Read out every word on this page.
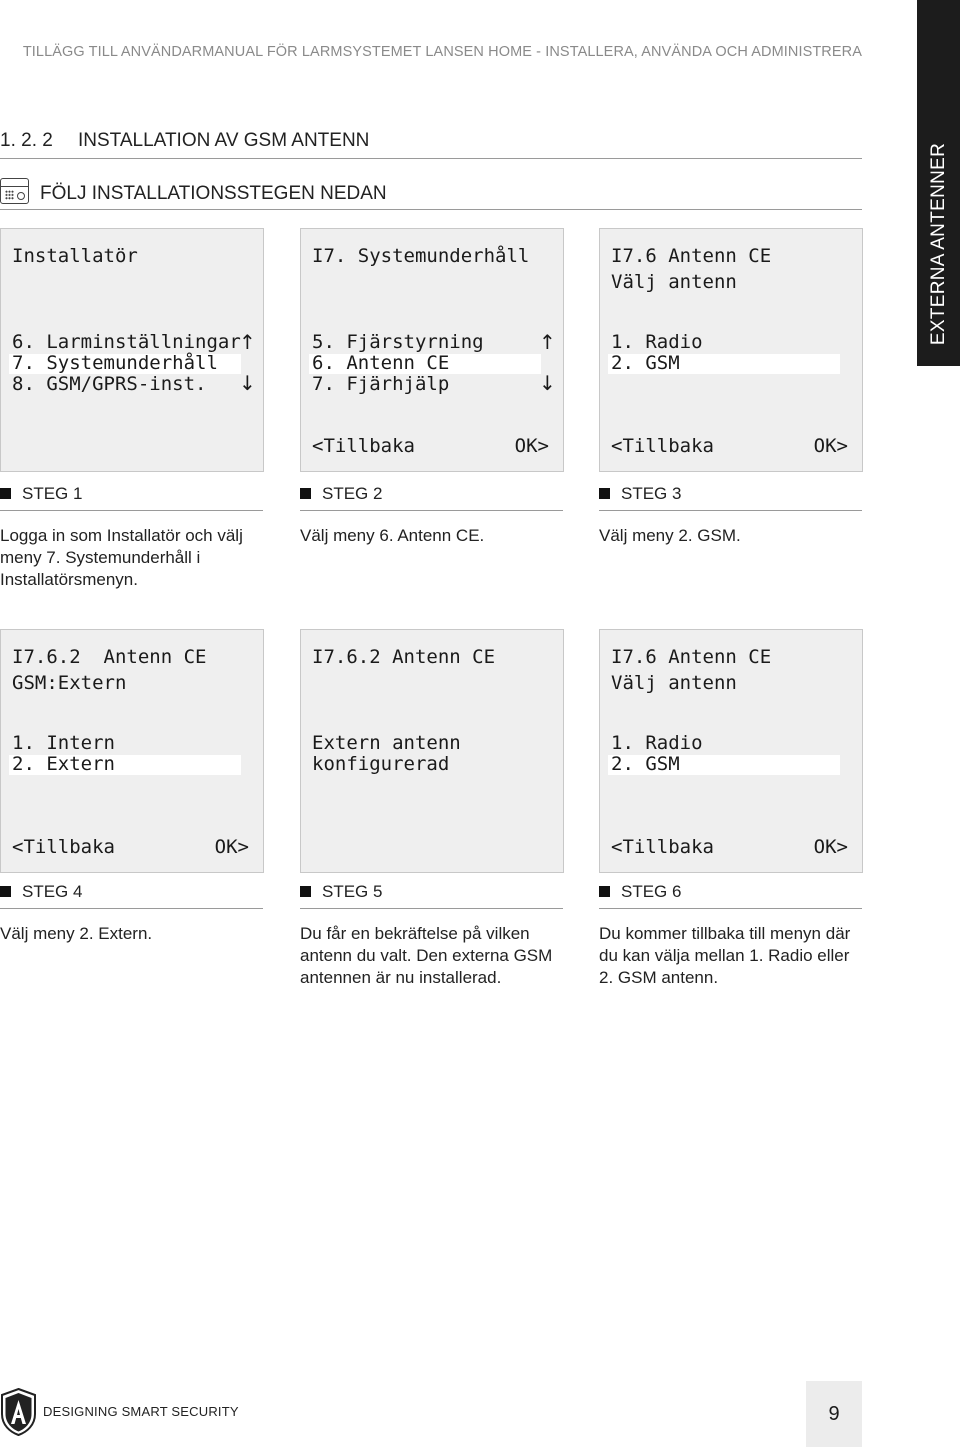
TILLÄGG TILL ANVÄNDARMANUAL FÖR LARMSYSTEMET LANSEN HOME - INSTALLERA, ANVÄNDA OCH ADMINISTRERA
EXTERNA ANTENNER
1. 2. 2 INSTALLATION AV GSM ANTENN
FÖLJ INSTALLATIONSSTEGEN NEDAN
Installatör
6. Larminställningar
7. Systemunderhåll
8. GSM/GPRS-inst.
↑
↓
I7. Systemunderhåll
5. Fjärstyrning
6. Antenn CE
7. Fjärhjälp
↑
↓
<Tillbaka	OK>
I7.6 Antenn CE
Välj antenn
1. Radio
2. GSM
<Tillbaka	OK>
STEG 1	STEG 2	STEG 3
Logga in som Installatör och välj meny 7. Systemunderhåll i Installatörsmenyn.
Välj meny 6. Antenn CE.	Välj meny 2. GSM.
I7.6.2  Antenn CE
GSM:Extern
1. Intern
2. Extern
<Tillbaka	OK>
I7.6.2 Antenn CE
Extern antenn
konfigurerad
I7.6 Antenn CE
Välj antenn
1. Radio
2. GSM
<Tillbaka	OK>
STEG 4	STEG 5	STEG 6
Välj meny 2. Extern.	Du får en bekräftelse på vilken antenn du valt. Den externa GSM antennen är nu installerad.
Du kommer tillbaka till menyn där du kan välja mellan 1. Radio eller 2. GSM antenn.
DESIGNING SMART SECURITY	9
